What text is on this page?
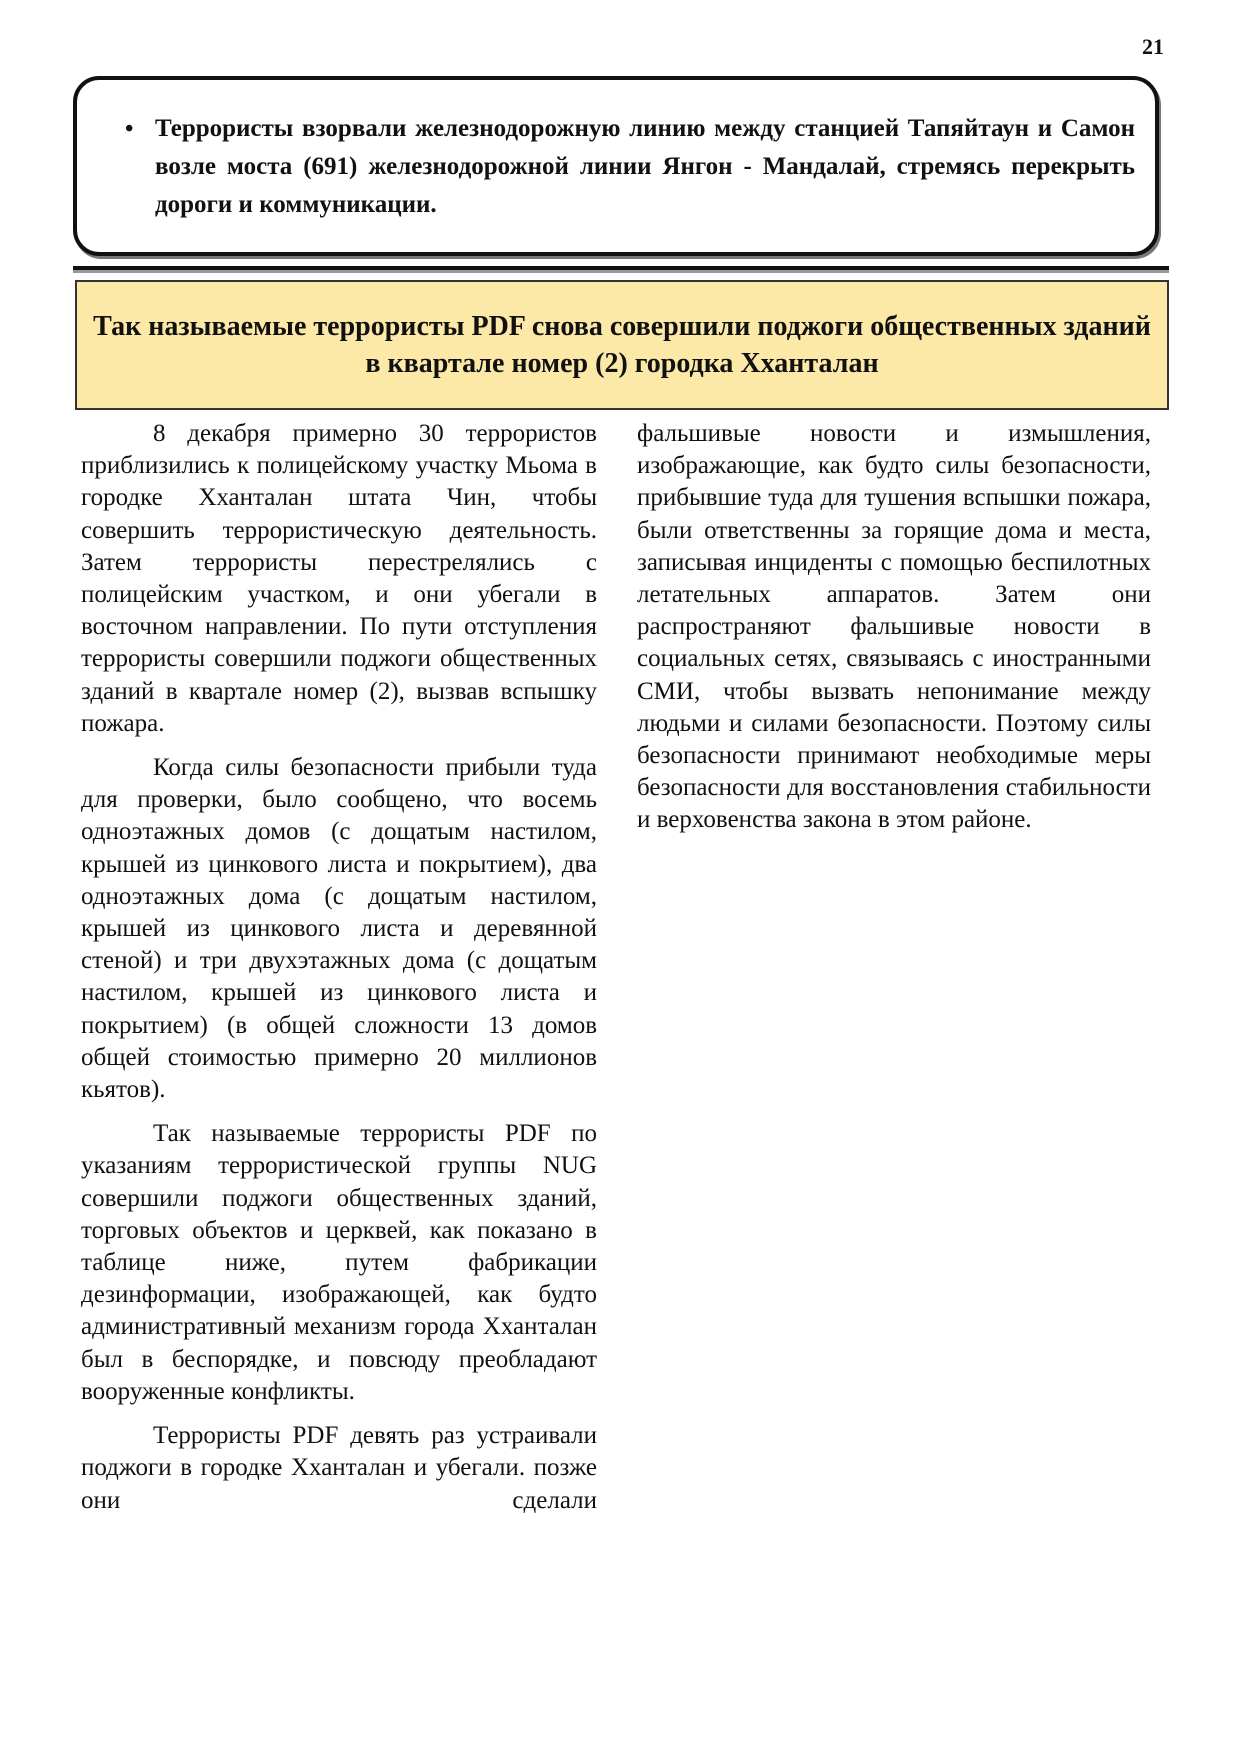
21
• Террористы взорвали железнодорожную линию между станцией Тапяйтаун и Самон возле моста (691) железнодорожной линии Янгон - Мандалай, стремясь перекрыть дороги и коммуникации.
Так называемые террористы PDF снова совершили поджоги общественных зданий в квартале номер (2) городка Хханталан

8 декабря примерно 30 террористов приблизились к полицейскому участку Мьома в городке Хханталан штата Чин, чтобы совершить террористическую деятельность. Затем террористы перестрелялись с полицейским участком, и они убегали в восточном направлении. По пути отступления террористы совершили поджоги общественных зданий в квартале номер (2), вызвав вспышку пожара.

Когда силы безопасности прибыли туда для проверки, было сообщено, что восемь одноэтажных домов (с дощатым настилом, крышей из цинкового листа и покрытием), два одноэтажных дома (с дощатым настилом, крышей из цинкового листа и деревянной стеной) и три двухэтажных дома (с дощатым настилом, крышей из цинкового листа и покрытием) (в общей сложности 13 домов общей стоимостью примерно 20 миллионов кьятов).

Так называемые террористы PDF по указаниям террористической группы NUG совершили поджоги общественных зданий, торговых объектов и церквей, как показано в таблице ниже, путем фабрикации дезинформации, изображающей, как будто административный механизм города Хханталан был в беспорядке, и повсюду преобладают вооруженные конфликты.

Террористы PDF девять раз устраивали поджоги в городке Хханталан и убегали. позже они сделали

фальшивые новости и измышления, изображающие, как будто силы безопасности, прибывшие туда для тушения вспышки пожара, были ответственны за горящие дома и места, записывая инциденты с помощью беспилотных летательных аппаратов. Затем они распространяют фальшивые новости в социальных сетях, связываясь с иностранными СМИ, чтобы вызвать непонимание между людьми и силами безопасности. Поэтому силы безопасности принимают необходимые меры безопасности для восстановления стабильности и верховенства закона в этом районе.
